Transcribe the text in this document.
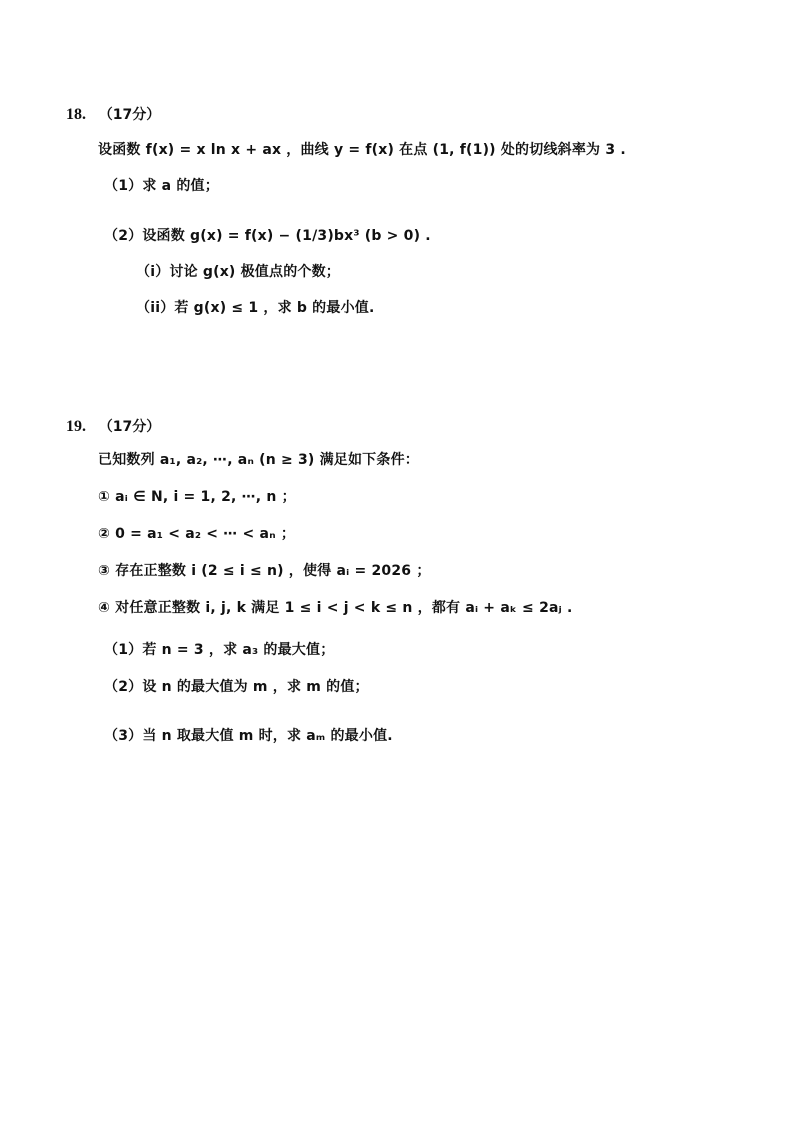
18. （17分）
设函数 f(x) = x ln x + ax ，曲线 y = f(x) 在点 (1, f(1)) 处的切线斜率为 3 .
（1）求 a 的值；
（2）设函数 g(x) = f(x) − (1/3)bx³ (b > 0) .
（i）讨论 g(x) 极值点的个数；
（ii）若 g(x) ≤ 1 ，求 b 的最小值.
19. （17分）
已知数列 a₁, a₂, ⋯, aₙ (n ≥ 3) 满足如下条件：
① aᵢ ∈ N, i = 1, 2, ⋯, n ；
② 0 = a₁ < a₂ < ⋯ < aₙ ；
③ 存在正整数 i (2 ≤ i ≤ n) ，使得 aᵢ = 2026 ；
④ 对任意正整数 i, j, k 满足 1 ≤ i < j < k ≤ n ，都有 aᵢ + aₖ ≤ 2aⱼ .
（1）若 n = 3 ，求 a₃ 的最大值；
（2）设 n 的最大值为 m ，求 m 的值；
（3）当 n 取最大值 m 时，求 aₘ 的最小值.
